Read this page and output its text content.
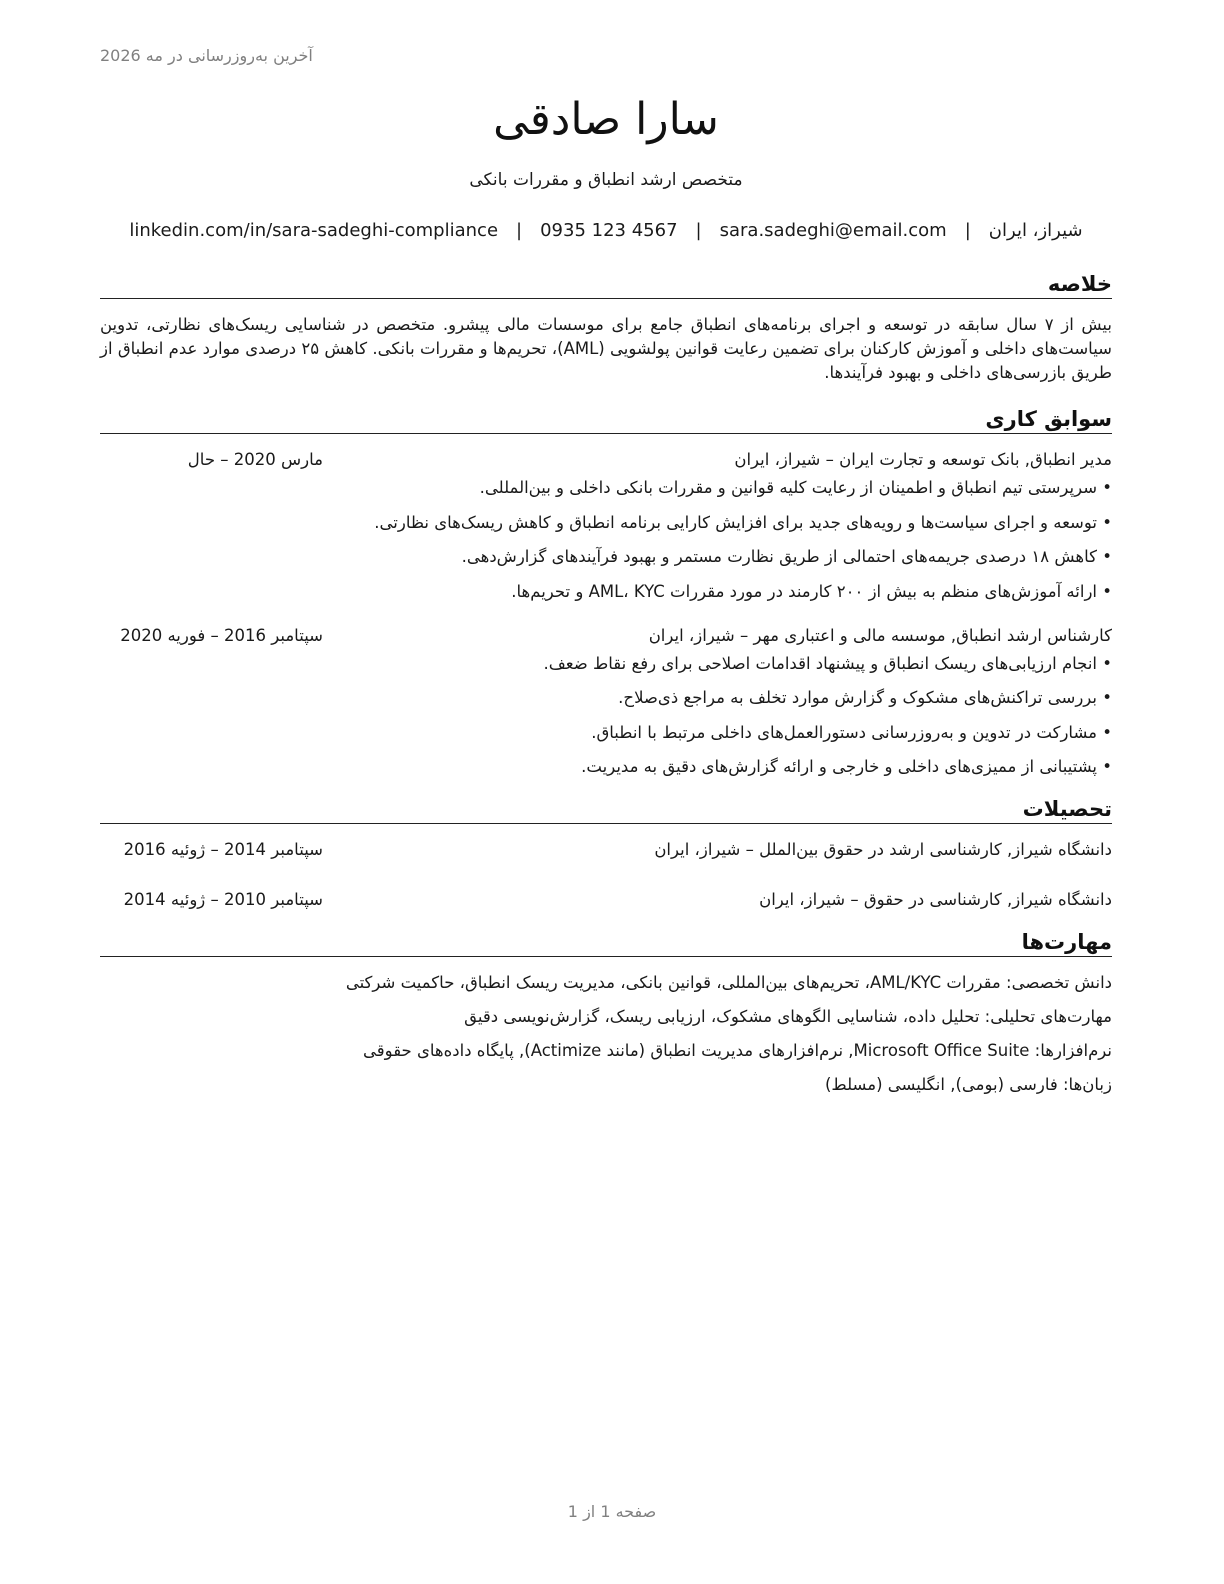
آخرین به‌روزرسانی در مه 2026
سارا صادقی
متخصص ارشد انطباق و مقررات بانکی
شیراز، ایران
|
sara.sadeghi@email.com
|
0935 123 4567
|
linkedin.com/in/sara-sadeghi-compliance
خلاصه

بیش از ۷ سال سابقه در توسعه و اجرای برنامه‌های انطباق جامع برای موسسات مالی پیشرو. متخصص در شناسایی ریسک‌های نظارتی، تدوین سیاست‌های داخلی و آموزش کارکنان برای تضمین رعایت قوانین پولشویی (AML)، تحریم‌ها و مقررات بانکی. کاهش ۲۵ درصدی موارد عدم انطباق از طریق بازرسی‌های داخلی و بهبود فرآیندها.

سوابق کاری
مدیر انطباق, بانک توسعه و تجارت ایران – شیراز، ایران
مارس 2020 – حال
• سرپرستی تیم انطباق و اطمینان از رعایت کلیه قوانین و مقررات بانکی داخلی و بین‌المللی.
• توسعه و اجرای سیاست‌ها و رویه‌های جدید برای افزایش کارایی برنامه انطباق و کاهش ریسک‌های نظارتی.
• کاهش ۱۸ درصدی جریمه‌های احتمالی از طریق نظارت مستمر و بهبود فرآیندهای گزارش‌دهی.
• ارائه آموزش‌های منظم به بیش از ۲۰۰ کارمند در مورد مقررات AML، KYC و تحریم‌ها.
کارشناس ارشد انطباق, موسسه مالی و اعتباری مهر – شیراز، ایران
سپتامبر 2016 – فوریه 2020
• انجام ارزیابی‌های ریسک انطباق و پیشنهاد اقدامات اصلاحی برای رفع نقاط ضعف.
• بررسی تراکنش‌های مشکوک و گزارش موارد تخلف به مراجع ذی‌صلاح.
• مشارکت در تدوین و به‌روزرسانی دستورالعمل‌های داخلی مرتبط با انطباق.
• پشتیبانی از ممیزی‌های داخلی و خارجی و ارائه گزارش‌های دقیق به مدیریت.
تحصیلات
دانشگاه شیراز, کارشناسی ارشد در حقوق بین‌الملل – شیراز، ایران
سپتامبر 2014 – ژوئیه 2016
دانشگاه شیراز, کارشناسی در حقوق – شیراز، ایران
سپتامبر 2010 – ژوئیه 2014
مهارت‌ها
دانش تخصصی: مقررات AML/KYC، تحریم‌های بین‌المللی، قوانین بانکی، مدیریت ریسک انطباق، حاکمیت شرکتی
مهارت‌های تحلیلی: تحلیل داده، شناسایی الگوهای مشکوک، ارزیابی ریسک، گزارش‌نویسی دقیق
نرم‌افزارها: Microsoft Office Suite, نرم‌افزارهای مدیریت انطباق (مانند Actimize), پایگاه داده‌های حقوقی
زبان‌ها: فارسی (بومی), انگلیسی (مسلط)
صفحه 1 از 1
